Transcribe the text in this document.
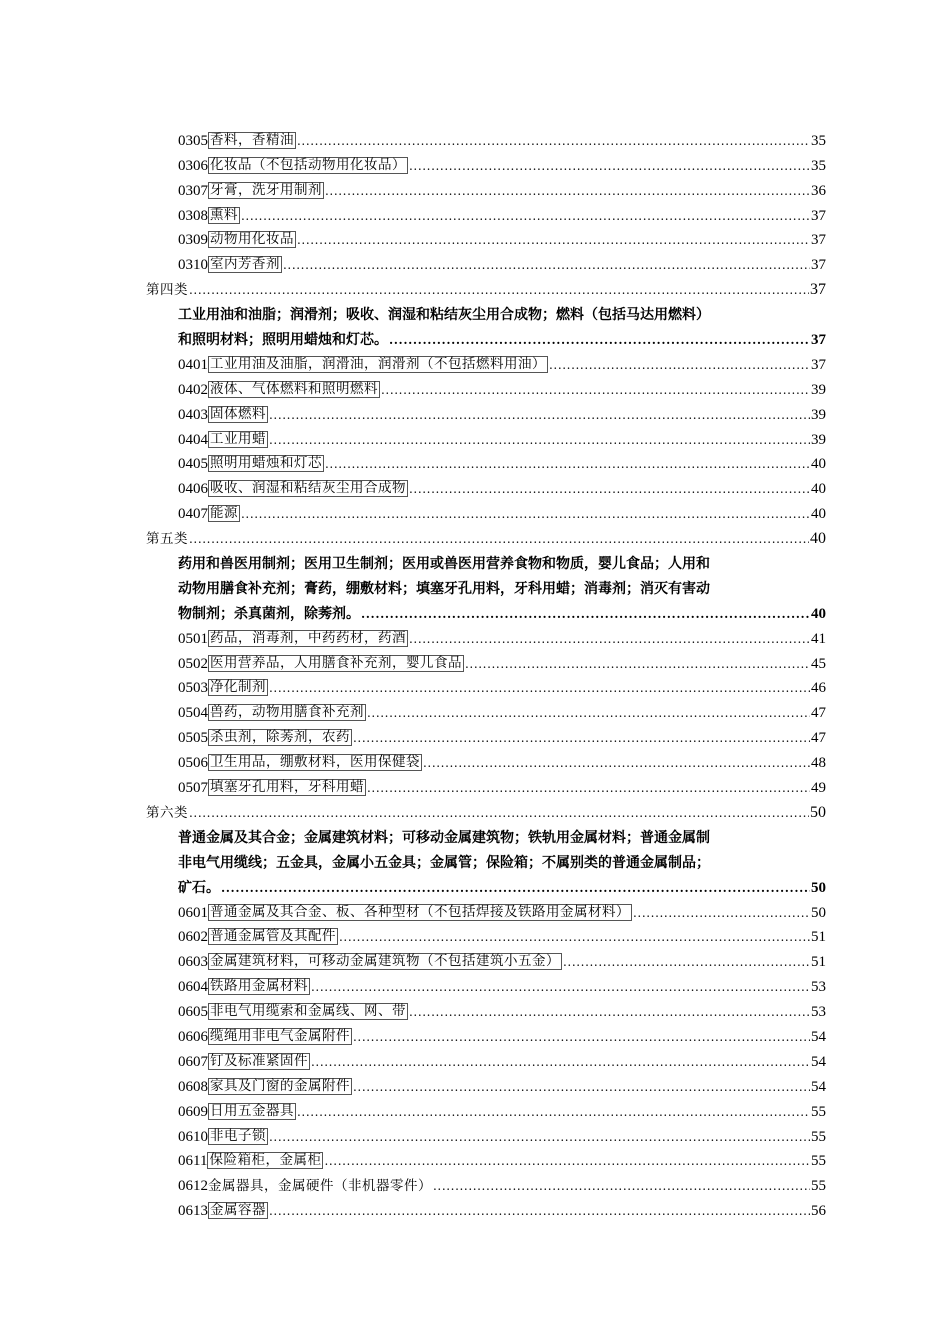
0305 香料，香精油 .....	35
0306 化妆品（不包括动物用化妆品） .....	35
0307 牙膏，洗牙用制剂 .....	36
0308 熏料 .....	37
0309 动物用化妆品 .....	37
0310 室内芳香剂 .....	37
第四类 .....	37
工业用油和油脂；润滑剂；吸收、润湿和粘结灰尘用合成物；燃料（包括马达用燃料）
和照明材料；照明用蜡烛和灯芯。 .....	37
0401 工业用油及油脂，润滑油，润滑剂（不包括燃料用油） .....	37
0402 液体、气体燃料和照明燃料 .....	39
0403 固体燃料 .....	39
0404 工业用蜡 .....	39
0405 照明用蜡烛和灯芯 .....	40
0406 吸收、润湿和粘结灰尘用合成物 .....	40
0407 能源 .....	40
第五类 .....	40
药用和兽医用制剂；医用卫生制剂；医用或兽医用营养食物和物质，婴儿食品；人用和
动物用膳食补充剂；膏药，绷敷材料；填塞牙孔用料，牙科用蜡；消毒剂；消灭有害动
物制剂；杀真菌剂，除莠剂。 .....	40
0501 药品，消毒剂，中药药材，药酒 .....	41
0502 医用营养品，人用膳食补充剂，婴儿食品 .....	45
0503 净化制剂 .....	46
0504 兽药，动物用膳食补充剂 .....	47
0505 杀虫剂，除莠剂，农药 .....	47
0506 卫生用品，绷敷材料，医用保健袋 .....	48
0507 填塞牙孔用料，牙科用蜡 .....	49
第六类 .....	50
普通金属及其合金；金属建筑材料；可移动金属建筑物；铁轨用金属材料；普通金属制
非电气用缆线；五金具，金属小五金具；金属管；保险箱；不属别类的普通金属制品；
矿石。 .....	50
0601 普通金属及其合金、板、各种型材（不包括焊接及铁路用金属材料） .....	50
0602 普通金属管及其配件 .....	51
0603 金属建筑材料，可移动金属建筑物（不包括建筑小五金） .....	51
0604 铁路用金属材料 .....	53
0605 非电气用缆索和金属线、网、带 .....	53
0606 缆绳用非电气金属附件 .....	54
0607 钉及标准紧固件 .....	54
0608 家具及门窗的金属附件 .....	54
0609 日用五金器具 .....	55
0610 非电子锁 .....	55
0611 保险箱柜，金属柜 .....	55
0612 金属器具，金属硬件（非机器零件） .....	55
0613 金属容器 .....	56
